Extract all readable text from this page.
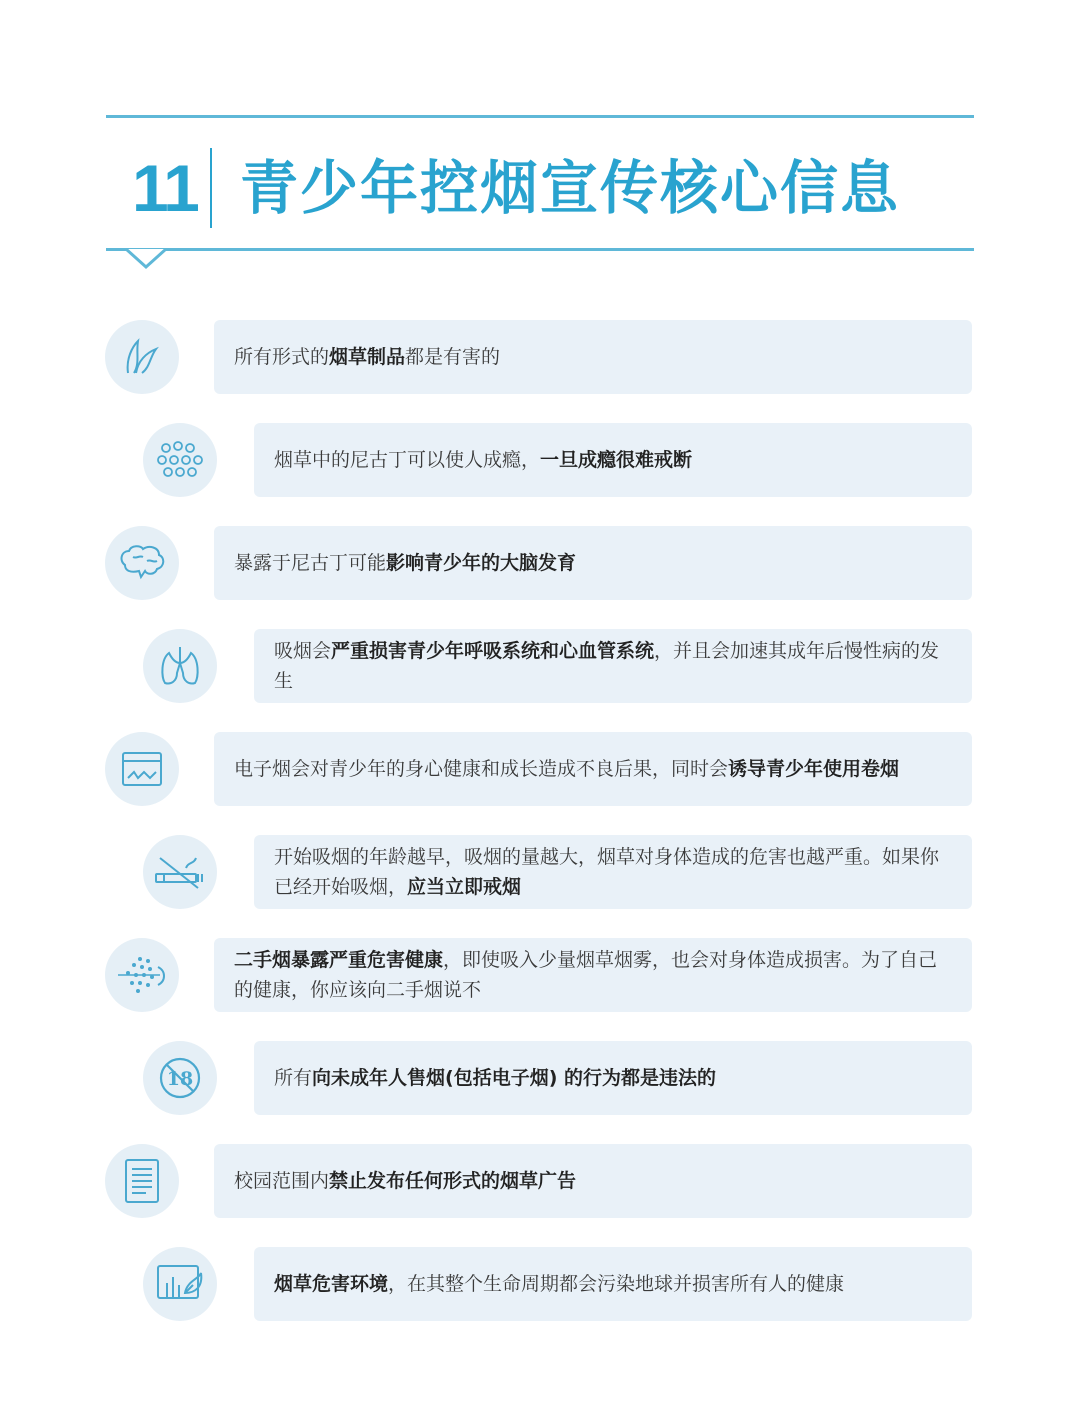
11 青少年控烟宣传核心信息
所有形式的烟草制品都是有害的
烟草中的尼古丁可以使人成瘾，一旦成瘾很难戒断
暴露于尼古丁可能影响青少年的大脑发育
吸烟会严重损害青少年呼吸系统和心血管系统，并且会加速其成年后慢性病的发生
电子烟会对青少年的身心健康和成长造成不良后果，同时会诱导青少年使用卷烟
开始吸烟的年龄越早，吸烟的量越大，烟草对身体造成的危害也越严重。如果你已经开始吸烟，应当立即戒烟
二手烟暴露严重危害健康，即使吸入少量烟草烟雾，也会对身体造成损害。为了自己的健康，你应该向二手烟说不
18	所有向未成年人售烟(包括电子烟) 的行为都是违法的
校园范围内禁止发布任何形式的烟草广告
烟草危害环境，在其整个生命周期都会污染地球并损害所有人的健康
